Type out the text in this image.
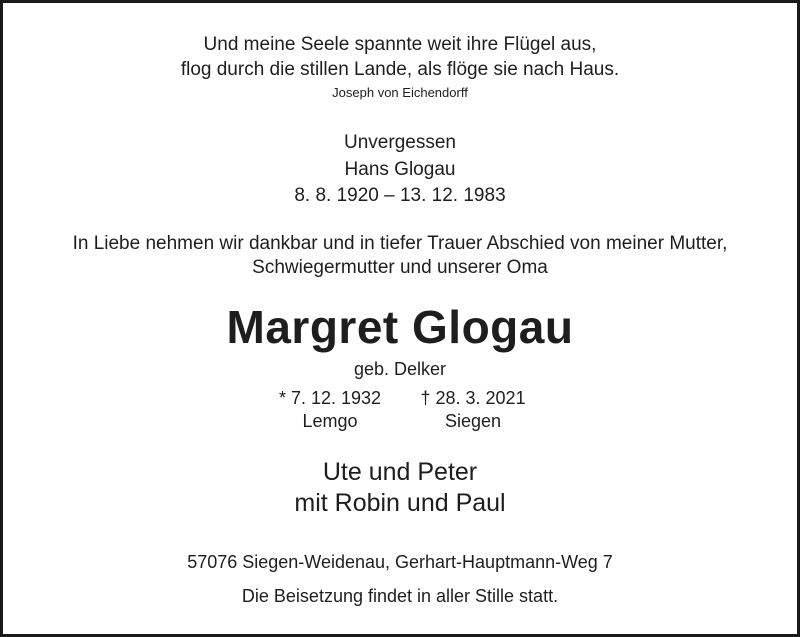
Und meine Seele spannte weit ihre Flügel aus,
flog durch die stillen Lande, als flöge sie nach Haus.
Joseph von Eichendorff
Unvergessen
Hans Glogau
8. 8. 1920 – 13. 12. 1983
In Liebe nehmen wir dankbar und in tiefer Trauer Abschied von meiner Mutter,
Schwiegermutter und unserer Oma
Margret Glogau
geb. Delker
* 7. 12. 1932
Lemgo
† 28. 3. 2021
Siegen
Ute und Peter
mit Robin und Paul
57076 Siegen-Weidenau, Gerhart-Hauptmann-Weg 7
Die Beisetzung findet in aller Stille statt.
